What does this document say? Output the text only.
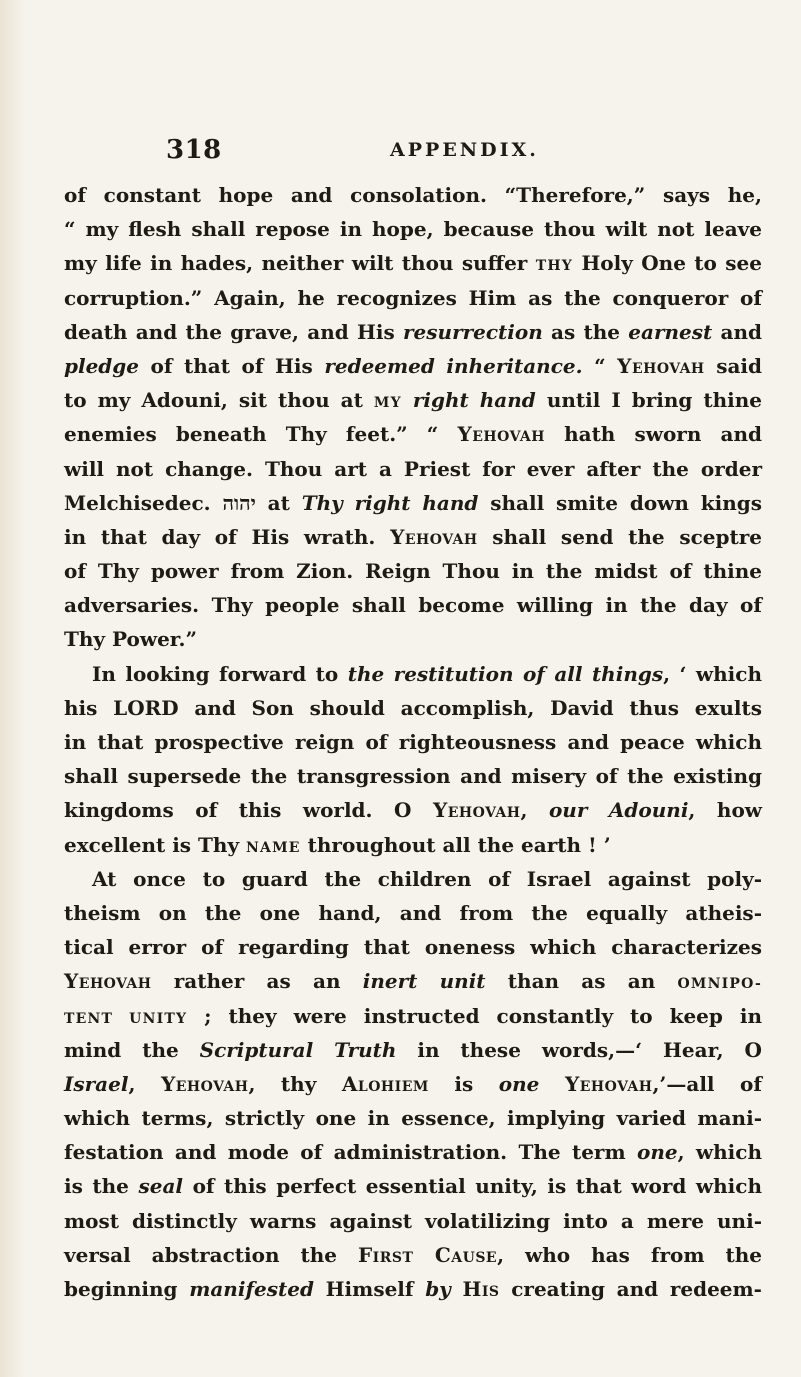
318	APPENDIX.
of constant hope and consolation. “Therefore,” says he,
“ my flesh shall repose in hope, because thou wilt not leave
my life in hades, neither wilt thou suffer THY Holy One to see
corruption.” Again, he recognizes Him as the conqueror of
death and the grave, and His resurrection as the earnest and
pledge of that of His redeemed inheritance. “ Yehovah said
to my Adouni, sit thou at MY right hand until I bring thine
enemies beneath Thy feet.” “ Yehovah hath sworn and
will not change. Thou art a Priest for ever after the order
Melchisedec. יהוה at Thy right hand shall smite down kings
in that day of His wrath. Yehovah shall send the sceptre
of Thy power from Zion. Reign Thou in the midst of thine
adversaries. Thy people shall become willing in the day of
Thy Power.”
In looking forward to the restitution of all things, ‘ which
his LORD and Son should accomplish, David thus exults
in that prospective reign of righteousness and peace which
shall supersede the transgression and misery of the existing
kingdoms of this world. O Yehovah, our Adouni, how
excellent is Thy NAME throughout all the earth ! ’
At once to guard the children of Israel against poly-
theism on the one hand, and from the equally atheis-
tical error of regarding that oneness which characterizes
Yehovah rather as an inert unit than as an OMNIPO-
TENT UNITY ; they were instructed constantly to keep in
mind the Scriptural Truth in these words,—‘ Hear, O
Israel, Yehovah, thy Alohiem is one Yehovah,’—all of
which terms, strictly one in essence, implying varied mani-
festation and mode of administration. The term one, which
is the seal of this perfect essential unity, is that word which
most distinctly warns against volatilizing into a mere uni-
versal abstraction the First Cause, who has from the
beginning manifested Himself by His creating and redeem-
